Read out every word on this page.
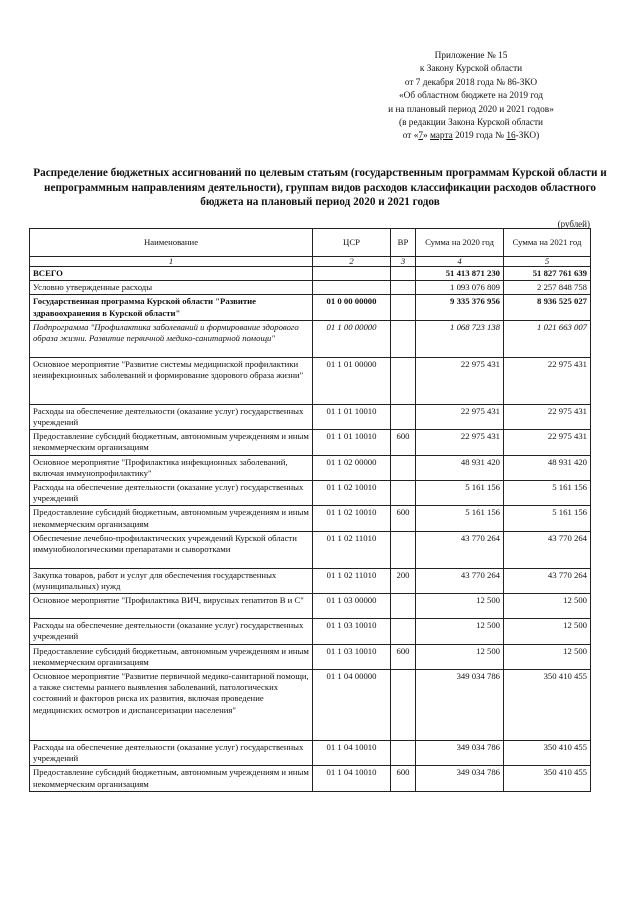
Приложение № 15
к Закону Курской области
от 7 декабря 2018 года № 86-ЗКО
«Об областном бюджете на 2019 год
и на плановый период 2020 и 2021 годов»
(в редакции Закона Курской области
от «7» марта 2019 года № 16-ЗКО)
Распределение бюджетных ассигнований по целевым статьям (государственным программам Курской области и непрограммным направлениям деятельности), группам видов расходов классификации расходов областного бюджета на плановый период 2020 и 2021 годов
(рублей)
Наименование	ЦСР	ВР	Сумма на 2020 год	Сумма на 2021 год
1	2	3	4	5
ВСЕГО			51 413 871 230	51 827 761 639
Условно утвержденные расходы			1 093 076 809	2 257 848 758
Государственная программа Курской области "Развитие здравоохранения в Курской области"	01 0 00 00000		9 335 376 956	8 936 525 027
Подпрограмма "Профилактика заболеваний и формирование здорового образа жизни. Развитие первичной медико-санитарной помощи"	01 1 00 00000		1 068 723 138	1 021 663 007
Основное мероприятие "Развитие системы медицинской профилактики неинфекционных заболеваний и формирование здорового образа жизни"	01 1 01 00000		22 975 431	22 975 431
Расходы на обеспечение деятельности (оказание услуг) государственных учреждений	01 1 01 10010		22 975 431	22 975 431
Предоставление субсидий бюджетным, автономным учреждениям и иным некоммерческим организациям	01 1 01 10010	600	22 975 431	22 975 431
Основное мероприятие "Профилактика инфекционных заболеваний, включая иммунопрофилактику"	01 1 02 00000		48 931 420	48 931 420
Расходы на обеспечение деятельности (оказание услуг) государственных учреждений	01 1 02 10010		5 161 156	5 161 156
Предоставление субсидий бюджетным, автономным учреждениям и иным некоммерческим организациям	01 1 02 10010	600	5 161 156	5 161 156
Обеспечение лечебно-профилактических учреждений Курской области иммунобиологическими препаратами и сыворотками	01 1 02 11010		43 770 264	43 770 264
Закупка товаров, работ и услуг для обеспечения государственных (муниципальных) нужд	01 1 02 11010	200	43 770 264	43 770 264
Основное мероприятие "Профилактика ВИЧ, вирусных гепатитов В и С"	01 1 03 00000		12 500	12 500
Расходы на обеспечение деятельности (оказание услуг) государственных учреждений	01 1 03 10010		12 500	12 500
Предоставление субсидий бюджетным, автономным учреждениям и иным некоммерческим организациям	01 1 03 10010	600	12 500	12 500
Основное мероприятие "Развитие первичной медико-санитарной помощи, а также системы раннего выявления заболеваний, патологических состояний и факторов риска их развития, включая проведение медицинских осмотров и диспансеризации населения"	01 1 04 00000		349 034 786	350 410 455
Расходы на обеспечение деятельности (оказание услуг) государственных учреждений	01 1 04 10010		349 034 786	350 410 455
Предоставление субсидий бюджетным, автономным учреждениям и иным некоммерческим организациям	01 1 04 10010	600	349 034 786	350 410 455
